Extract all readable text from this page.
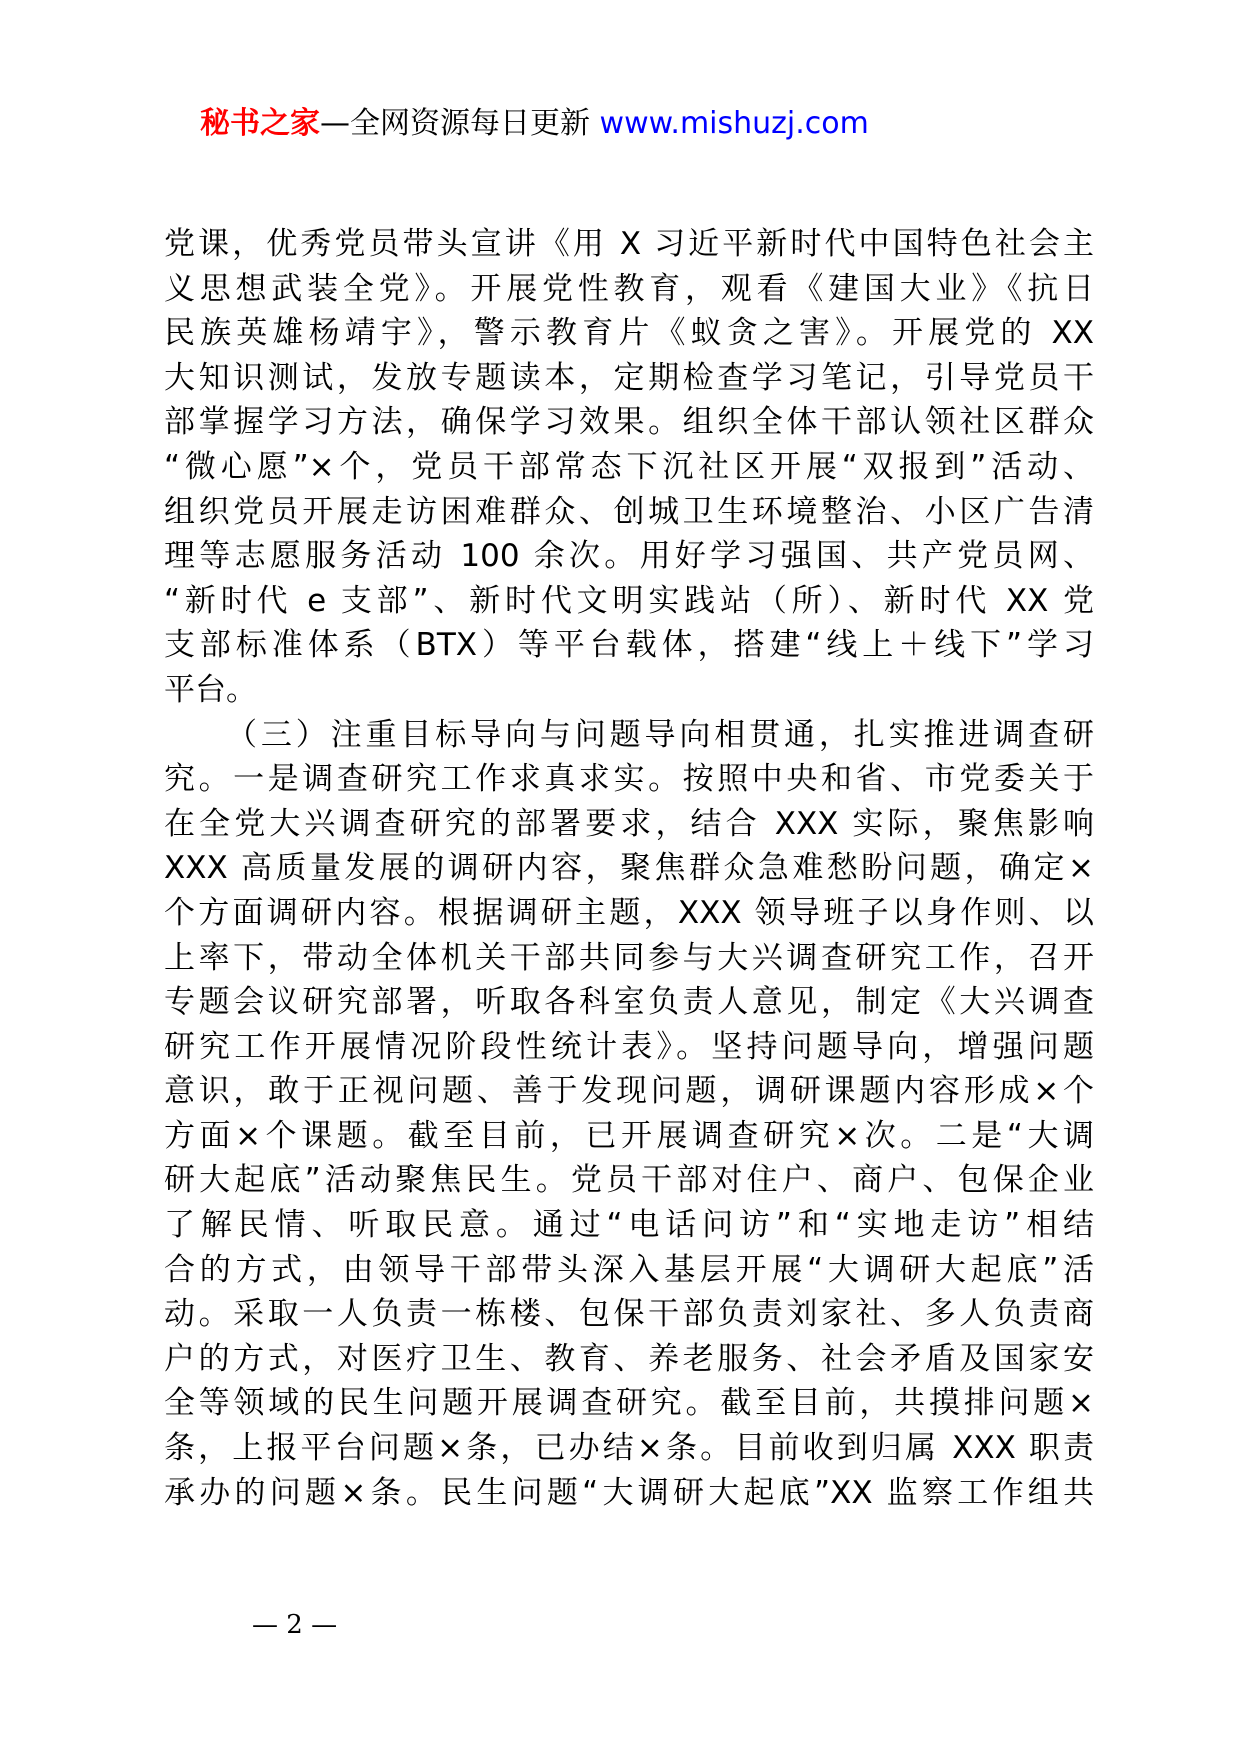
秘书之家—全网资源每日更新 www.mishuzj.com
党课，优秀党员带头宣讲《用 X 习近平新时代中国特色社会主
义思想武装全党》。开展党性教育，观看《建国大业》《抗日
民族英雄杨靖宇》，警示教育片《蚁贪之害》。开展党的 XX
大知识测试，发放专题读本，定期检查学习笔记，引导党员干
部掌握学习方法，确保学习效果。组织全体干部认领社区群众
“微心愿”×个，党员干部常态下沉社区开展“双报到”活动、
组织党员开展走访困难群众、创城卫生环境整治、小区广告清
理等志愿服务活动 100 余次。用好学习强国、共产党员网、
“新时代 e 支部”、新时代文明实践站（所）、新时代 XX 党
支部标准体系（BTX）等平台载体，搭建“线上＋线下”学习
平台。
（三）注重目标导向与问题导向相贯通，扎实推进调查研
究。一是调查研究工作求真求实。按照中央和省、市党委关于
在全党大兴调查研究的部署要求，结合 XXX 实际，聚焦影响
XXX 高质量发展的调研内容，聚焦群众急难愁盼问题，确定×
个方面调研内容。根据调研主题，XXX 领导班子以身作则、以
上率下，带动全体机关干部共同参与大兴调查研究工作，召开
专题会议研究部署，听取各科室负责人意见，制定《大兴调查
研究工作开展情况阶段性统计表》。坚持问题导向，增强问题
意识，敢于正视问题、善于发现问题，调研课题内容形成×个
方面×个课题。截至目前，已开展调查研究×次。二是“大调
研大起底”活动聚焦民生。党员干部对住户、商户、包保企业
了解民情、听取民意。通过“电话问访”和“实地走访”相结
合的方式，由领导干部带头深入基层开展“大调研大起底”活
动。采取一人负责一栋楼、包保干部负责刘家社、多人负责商
户的方式，对医疗卫生、教育、养老服务、社会矛盾及国家安
全等领域的民生问题开展调查研究。截至目前，共摸排问题×
条，上报平台问题×条，已办结×条。目前收到归属 XXX 职责
承办的问题×条。民生问题“大调研大起底”XX 监察工作组共
— 2 —
